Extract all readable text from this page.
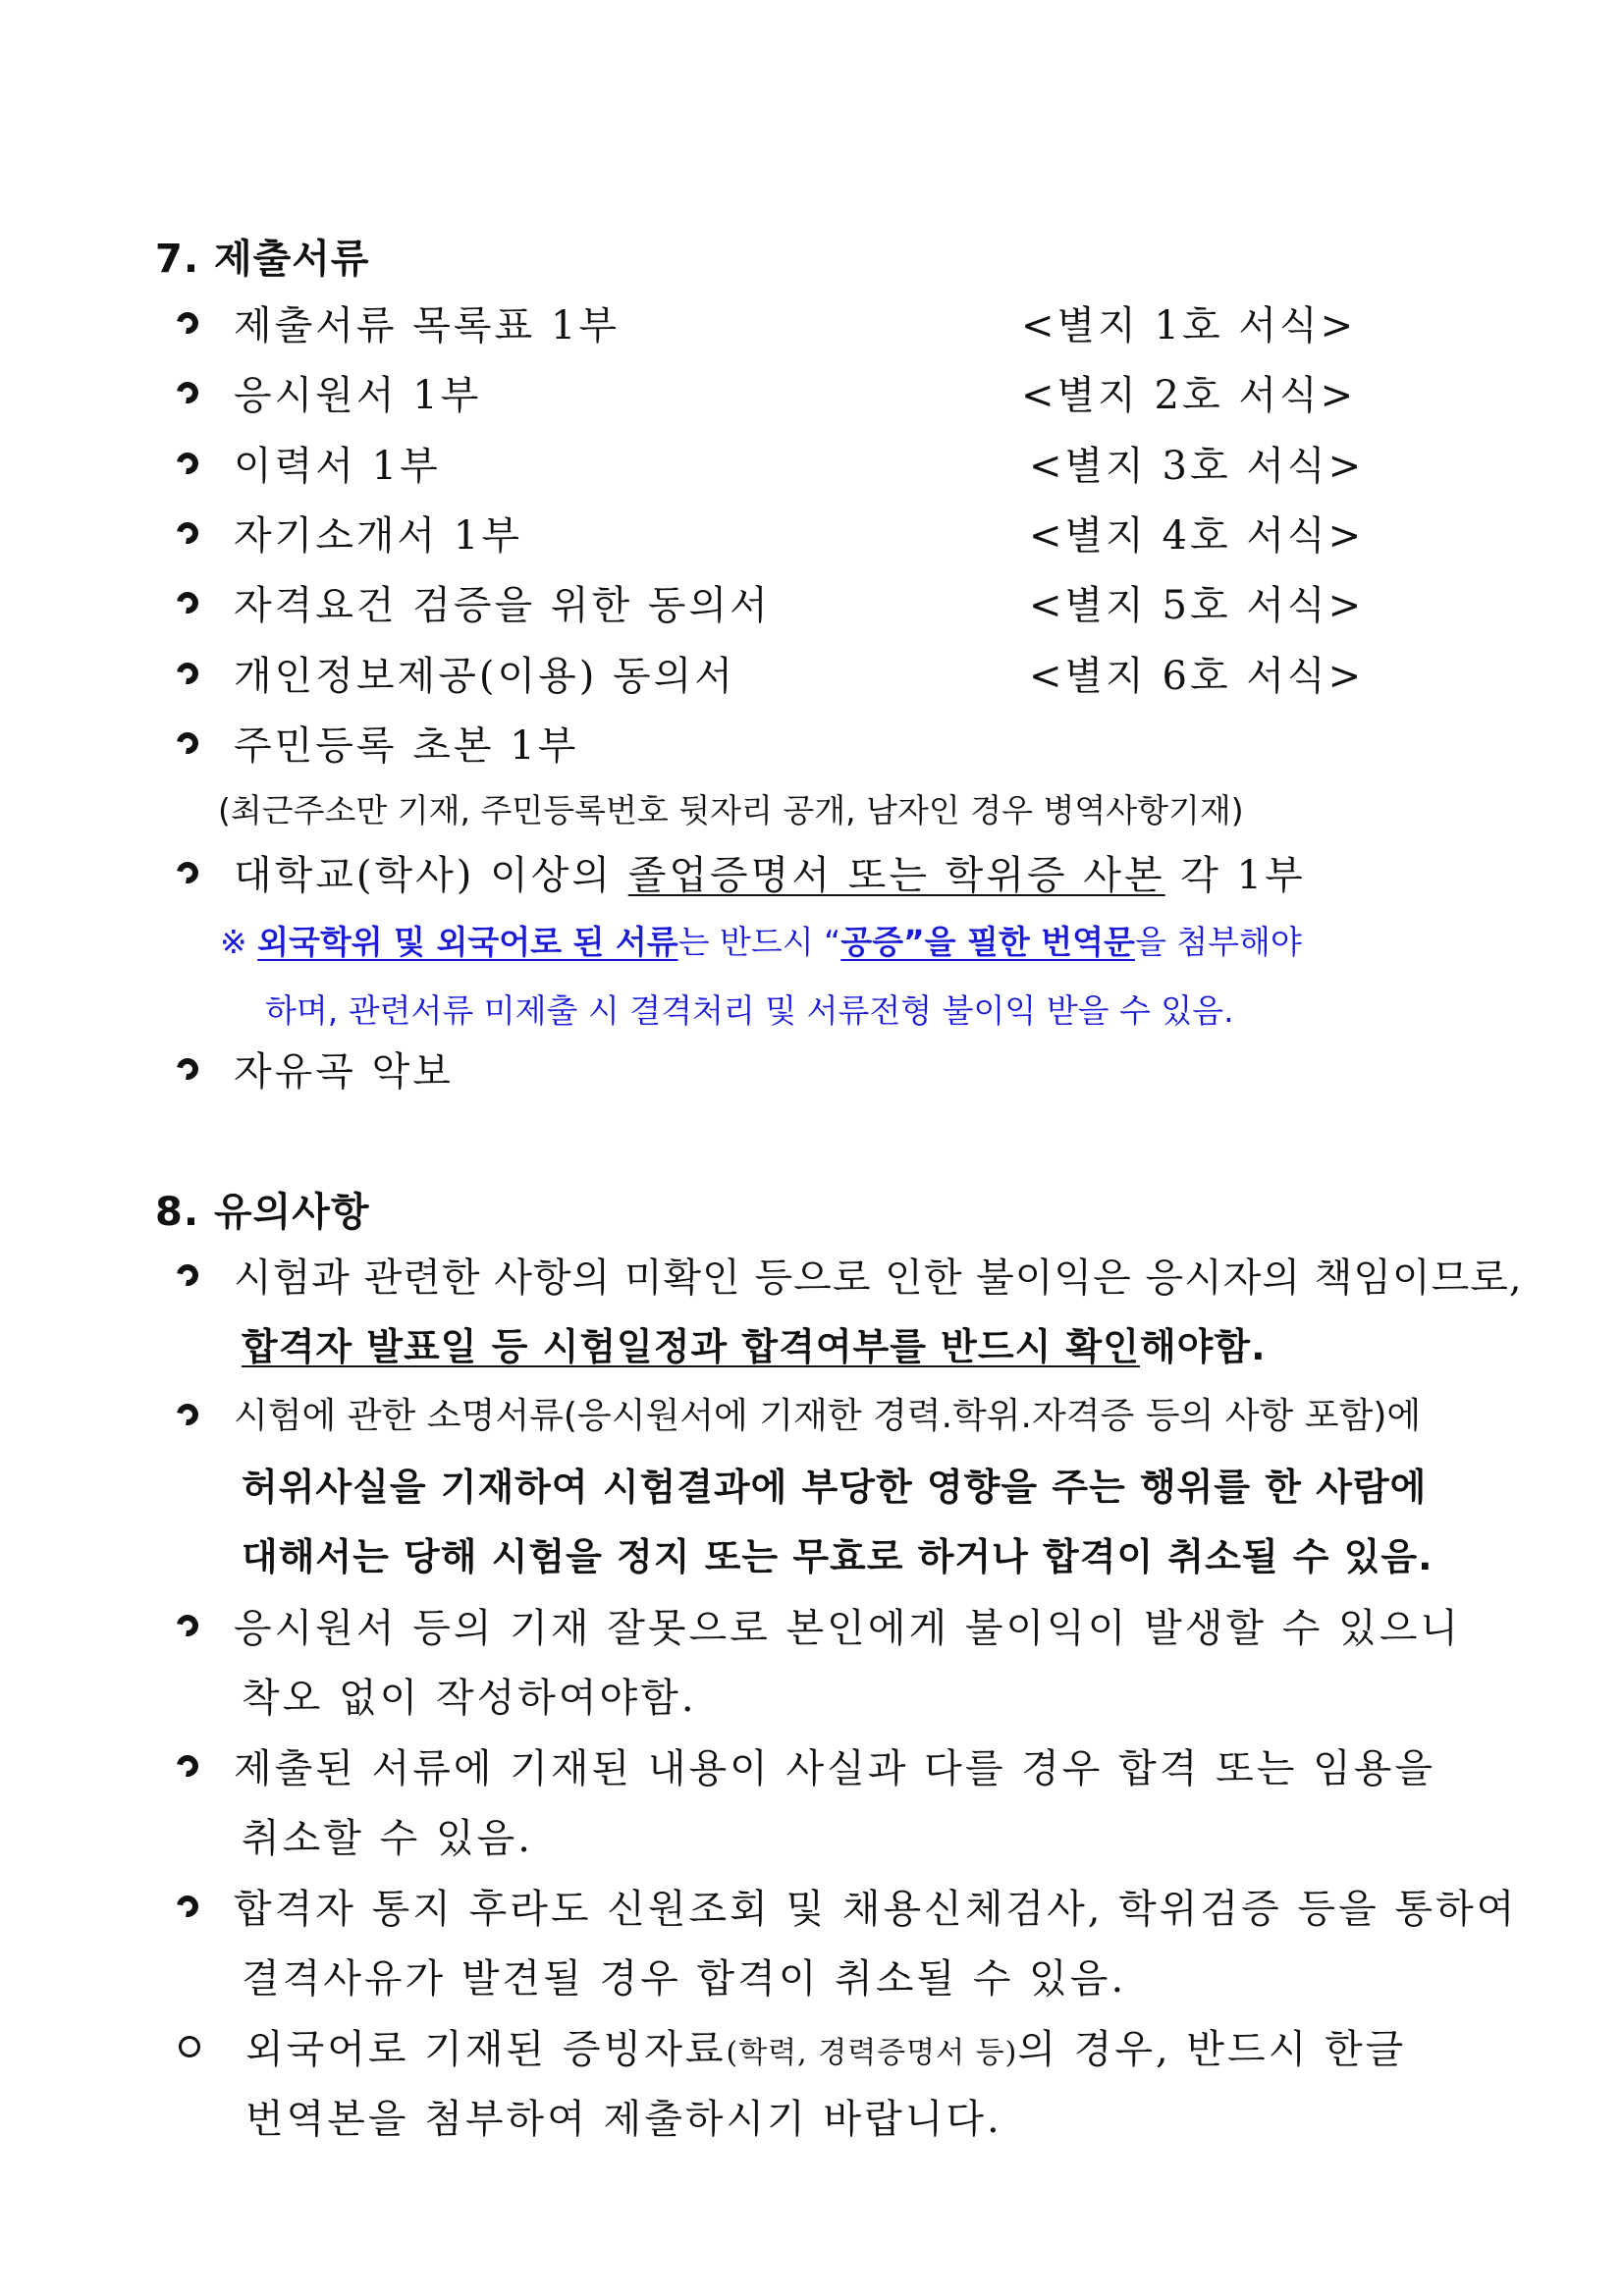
7. 제출서류
제출서류 목록표 1부	<별지 1호 서식>
응시원서 1부	<별지 2호 서식>
이력서 1부	<별지 3호 서식>
자기소개서 1부	<별지 4호 서식>
자격요건 검증을 위한 동의서	<별지 5호 서식>
개인정보제공(이용) 동의서	<별지 6호 서식>
주민등록 초본 1부
(최근주소만 기재, 주민등록번호 뒷자리 공개, 남자인 경우 병역사항기재)
대학교(학사) 이상의 졸업증명서 또는 학위증 사본 각 1부
※ 외국학위 및 외국어로 된 서류는 반드시 “공증”을 필한 번역문을 첨부해야
하며, 관련서류 미제출 시 결격처리 및 서류전형 불이익 받을 수 있음.
자유곡 악보
8. 유의사항
시험과 관련한 사항의 미확인 등으로 인한 불이익은 응시자의 책임이므로,
합격자 발표일 등 시험일정과 합격여부를 반드시 확인해야함.
시험에 관한 소명서류(응시원서에 기재한 경력.학위.자격증 등의 사항 포함)에
허위사실을 기재하여 시험결과에 부당한 영향을 주는 행위를 한 사람에
대해서는 당해 시험을 정지 또는 무효로 하거나 합격이 취소될 수 있음.
응시원서 등의 기재 잘못으로 본인에게 불이익이 발생할 수 있으니
착오 없이 작성하여야함.
제출된 서류에 기재된 내용이 사실과 다를 경우 합격 또는 임용을
취소할 수 있음.
합격자 통지 후라도 신원조회 및 채용신체검사, 학위검증 등을 통하여
결격사유가 발견될 경우 합격이 취소될 수 있음.
외국어로 기재된 증빙자료(학력, 경력증명서 등)의 경우, 반드시 한글
번역본을 첨부하여 제출하시기 바랍니다.
